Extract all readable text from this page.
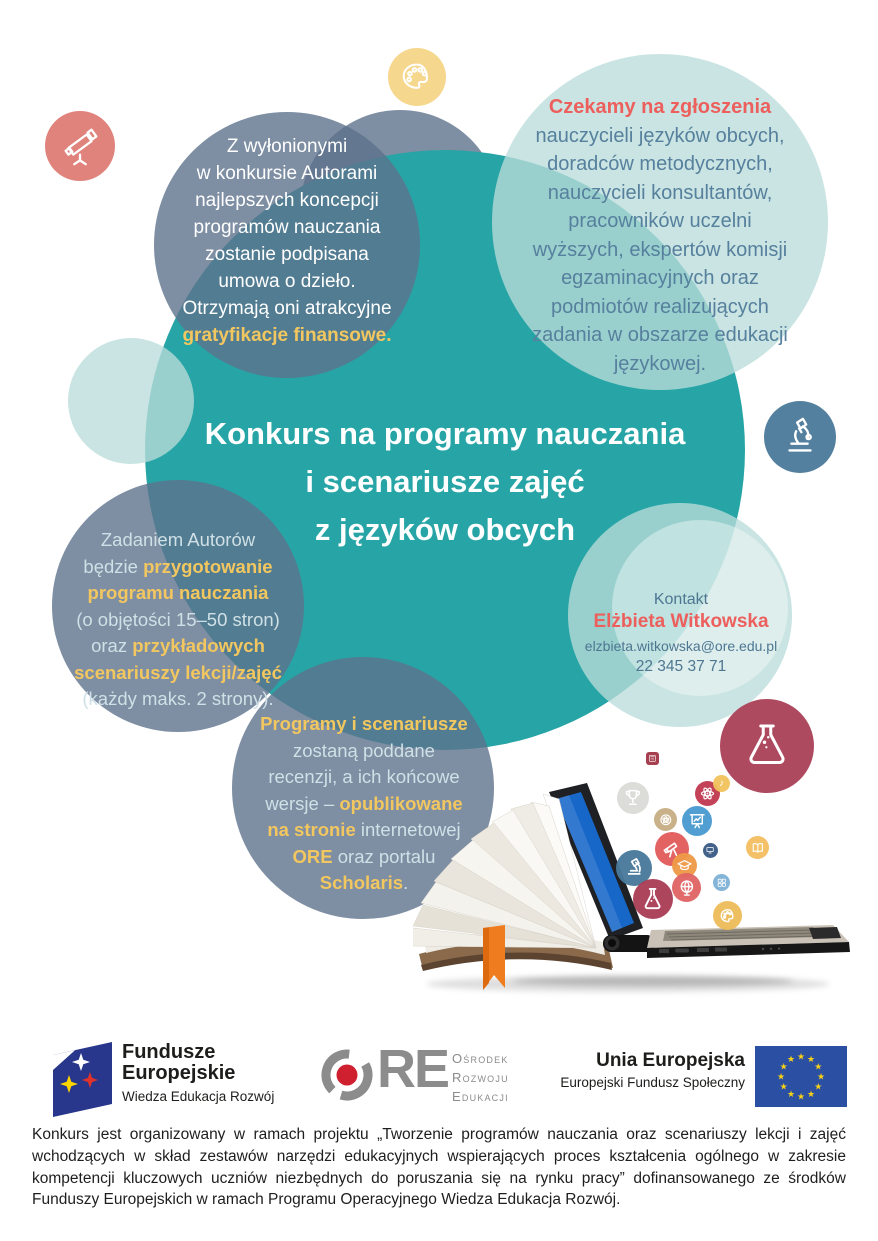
Z wyłonionymi
w konkursie Autorami
najlepszych koncepcji
programów nauczania
zostanie podpisana
umowa o dzieło.
Otrzymają oni atrakcyjne
gratyfikacje finansowe.
Czekamy na zgłoszenia
nauczycieli języków obcych,
doradców metodycznych,
nauczycieli konsultantów,
pracowników uczelni
wyższych, ekspertów komisji
egzaminacyjnych oraz
podmiotów realizujących
zadania w obszarze edukacji
językowej.
Konkurs na programy nauczania
i scenariusze zajęć
z języków obcych
Zadaniem Autorów
będzie przygotowanie
programu nauczania
(o objętości 15–50 stron)
oraz przykładowych
scenariuszy lekcji/zajęć
(każdy maks. 2 strony).
Programy i scenariusze
zostaną poddane
recenzji, a ich końcowe
wersje – opublikowane
na stronie internetowej
ORE oraz portalu
Scholaris.
Kontakt
Elżbieta Witkowska
elzbieta.witkowska@ore.edu.pl
22 345 37 71
♪
Fundusze
Europejskie
Wiedza Edukacja Rozwój RE Ośrodek
Rozwoju
Edukacji
Unia Europejska
Europejski Fundusz Społeczny
★ ★
★
★
★
★
★
★
★
★
★
★
Konkurs jest organizowany w ramach projektu „Tworzenie programów nauczania oraz scenariuszy lekcji i zajęć wchodzących w skład zestawów narzędzi edukacyjnych wspierających proces kształcenia ogólnego w zakresie kompetencji kluczowych uczniów niezbędnych do poruszania się na rynku pracy” dofinansowanego ze środków Funduszy Europejskich w ramach Programu Operacyjnego Wiedza Edukacja Rozwój.
